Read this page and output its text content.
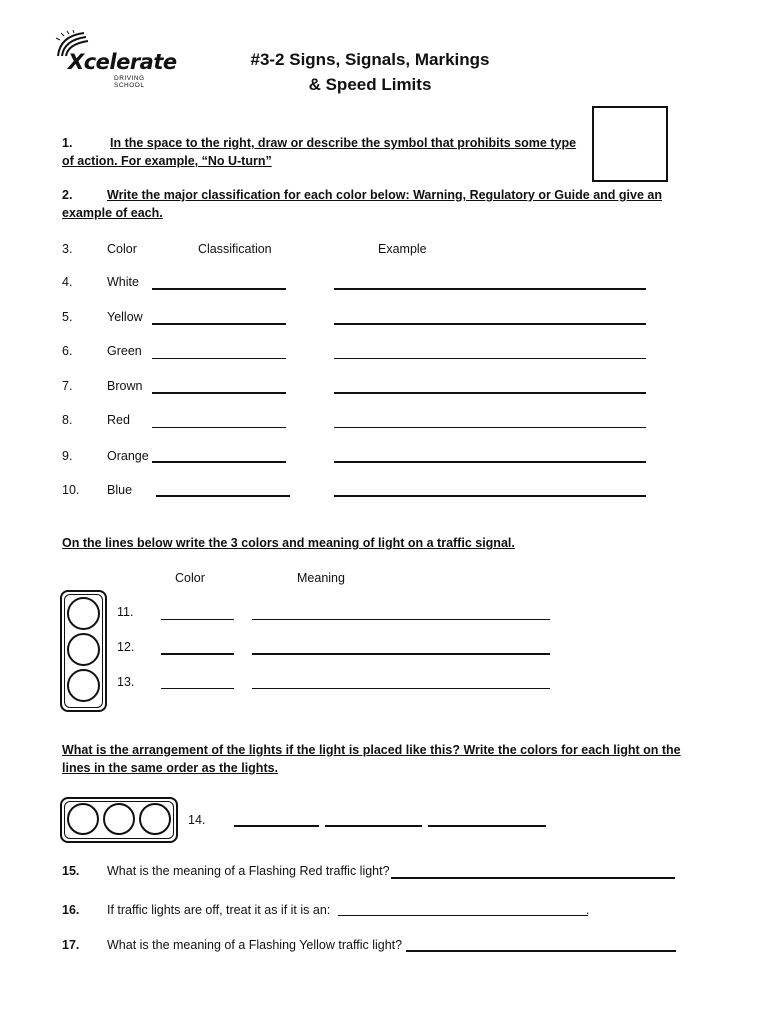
Xcelerate
DRIVING SCHOOL
#3-2 Signs, Signals, Markings
& Speed Limits
1.	In the space to the right, draw or describe the symbol that prohibits some type
of action. For example, “No U-turn”
2.	Write the major classification for each color below: Warning, Regulatory or Guide and give an
example of each.
3.	Color	Classification	Example
4.	White
5.	Yellow
6.	Green
7.	Brown
8.	Red
9.	Orange
10. Blue
On the lines below write the 3 colors and meaning of light on a traffic signal.
Color	Meaning
11.
12.
13.
What is the arrangement of the lights if the light is placed like this? Write the colors for each light on the
lines in the same order as the lights.
14.
15. What is the meaning of a Flashing Red traffic light?
16. If traffic lights are off, treat it as if it is an:	.
17. What is the meaning of a Flashing Yellow traffic light?
